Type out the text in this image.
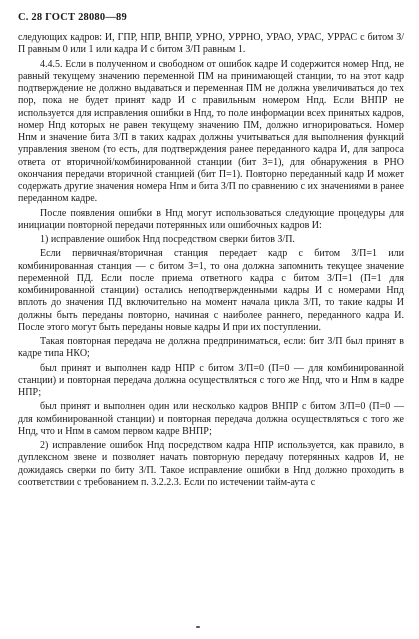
С. 28 ГОСТ 28080—89

следующих кадров: И, ГПР, НПР, ВНПР, УРНО, УРРНО, УРАО, УРАС, УРРАС с битом З/П равным 0 или 1 или кадра И с битом З/П равным 1.

4.4.5. Если в полученном и свободном от ошибок кадре И содержится номер Нпд, не равный текущему значению переменной ПМ на принимающей станции, то на этот кадр подтверждение не должно выдаваться и переменная ПМ не должна увеличиваться до тех пор, пока не будет принят кадр И с правильным номером Нпд. Если ВНПР не используется для исправления ошибки в Нпд, то поле информации всех принятых кадров, номер Нпд которых не равен текущему значению ПМ, должно игнорироваться. Номер Нпм и значение бита З/П в таких кадрах должны учитываться для выполнения функций управления звеном (то есть, для подтверждения ранее переданного кадра И, для запроса ответа от вторичной/комбинированной станции (бит З=1), для обнаружения в РНО окончания передачи вторичной станцией (бит П=1). Повторно переданный кадр И может содержать другие значения номера Нпм и бита З/П по сравнению с их значениями в ранее переданном кадре.

После появления ошибки в Нпд могут использоваться следующие процедуры для инициации повторной передачи потерянных или ошибочных кадров И:

1) исправление ошибок Нпд посредством сверки битов З/П.

Если первичная/вторичная станция передает кадр с битом З/П=1 или комбинированная станция — с битом З=1, то она должна запомнить текущее значение переменной ПД. Если после приема ответного кадра с битом З/П=1 (П=1 для комбинированной станции) остались неподтвержденными кадры И с номерами Нпд вплоть до значения ПД включительно на момент начала цикла З/П, то такие кадры И должны быть переданы повторно, начиная с наиболее раннего, переданного кадра И. После этого могут быть переданы новые кадры И при их поступлении.

Такая повторная передача не должна предприниматься, если: бит З/П был принят в кадре типа НКО;

был принят и выполнен кадр НПР с битом З/П=0 (П=0 — для комбинированной станции) и повторная передача должна осуществляться с того же Нпд, что и Нпм в кадре НПР;

был принят и выполнен один или несколько кадров ВНПР с битом З/П=0 (П=0 — для комбинированной станции) и повторная передача должна осуществляться с того же Нпд, что и Нпм в самом первом кадре ВНПР;

2) исправление ошибок Нпд посредством кадра НПР используется, как правило, в дуплексном звене и позволяет начать повторную передачу потерянных кадров И, не дожидаясь сверки по биту З/П. Такое исправление ошибки в Нпд должно проходить в соответствии с требованием п. 3.2.2.3. Если по истечении тайм-аута с
